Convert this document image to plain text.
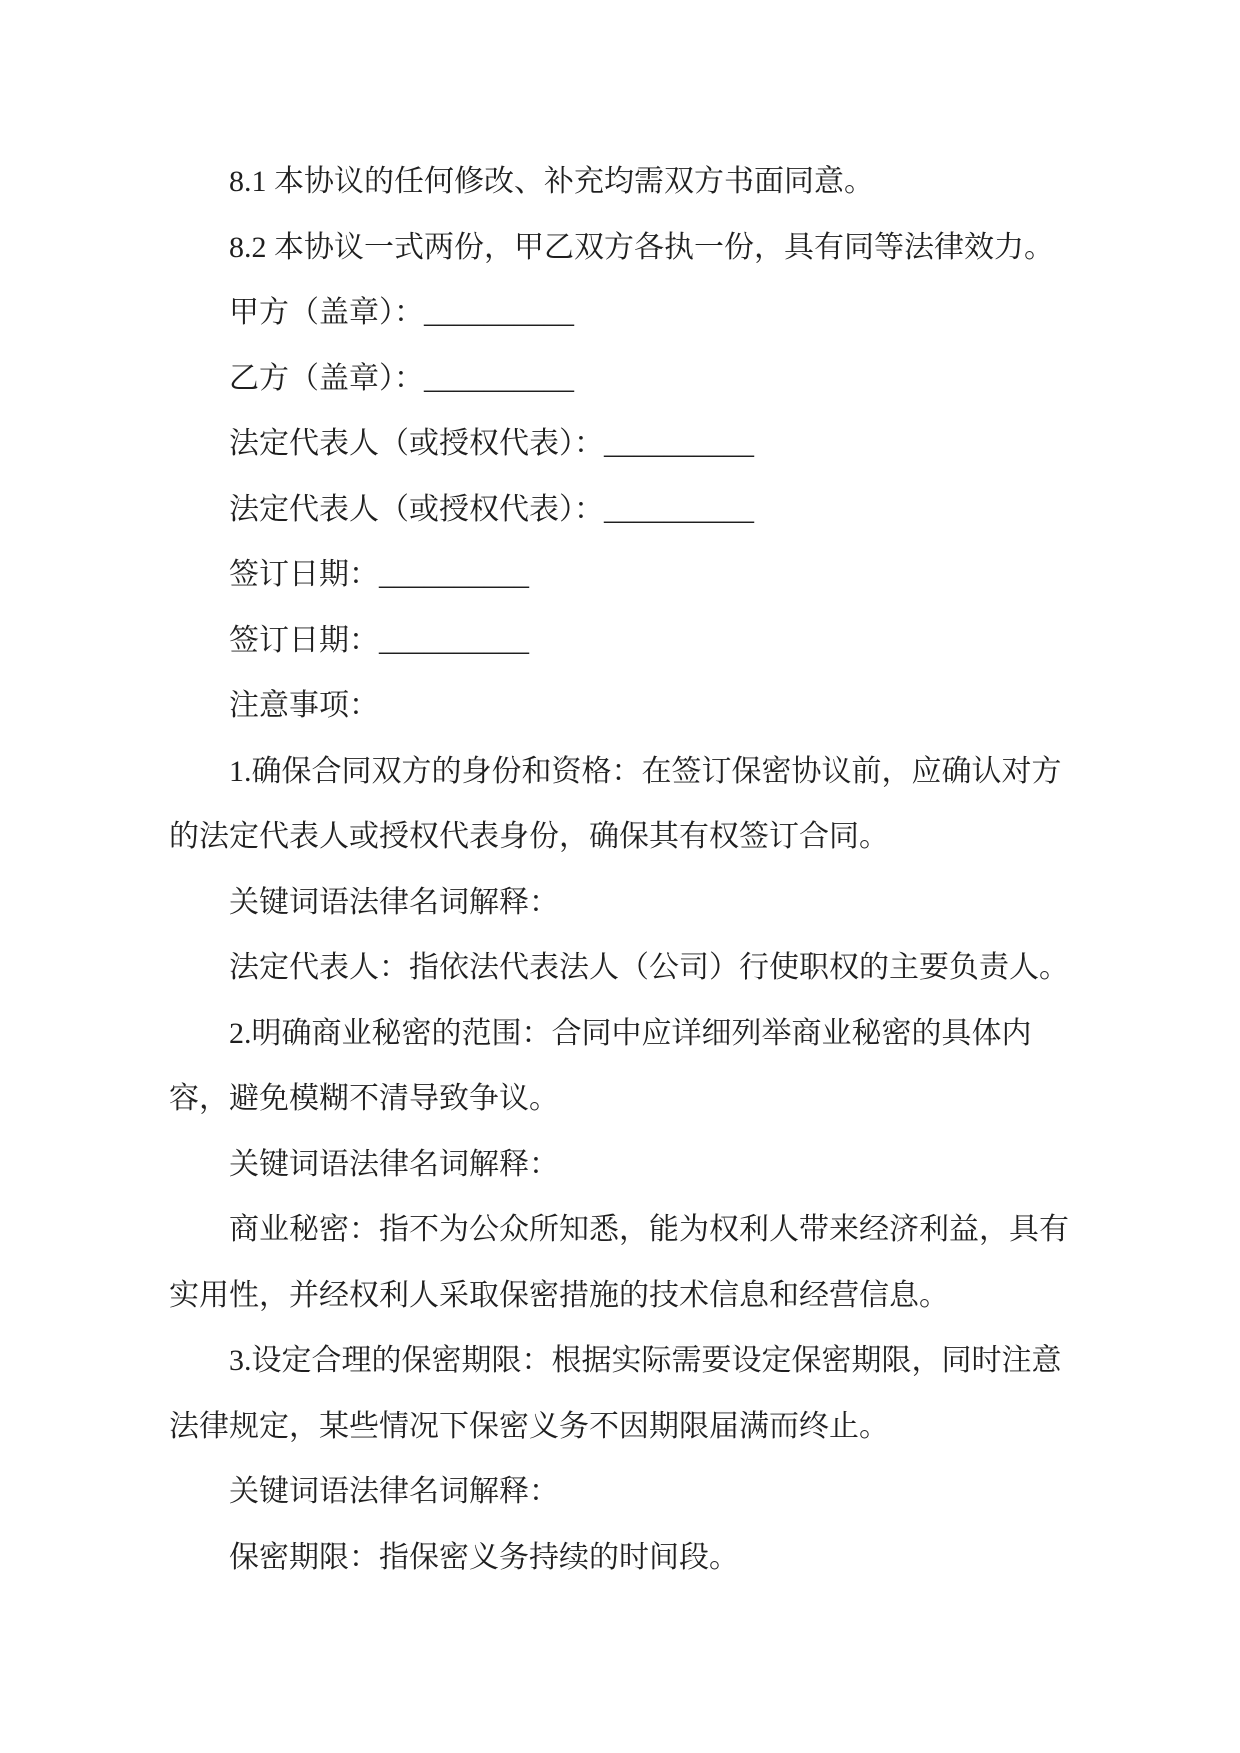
8.1 本协议的任何修改、补充均需双方书面同意。
8.2 本协议一式两份，甲乙双方各执一份，具有同等法律效力。
甲方（盖章）：__________
乙方（盖章）：__________
法定代表人（或授权代表）：__________
法定代表人（或授权代表）：__________
签订日期：__________
签订日期：__________
注意事项：
1.确保合同双方的身份和资格：在签订保密协议前，应确认对方
的法定代表人或授权代表身份，确保其有权签订合同。
关键词语法律名词解释：
法定代表人：指依法代表法人（公司）行使职权的主要负责人。
2.明确商业秘密的范围：合同中应详细列举商业秘密的具体内
容，避免模糊不清导致争议。
关键词语法律名词解释：
商业秘密：指不为公众所知悉，能为权利人带来经济利益，具有
实用性，并经权利人采取保密措施的技术信息和经营信息。
3.设定合理的保密期限：根据实际需要设定保密期限，同时注意
法律规定，某些情况下保密义务不因期限届满而终止。
关键词语法律名词解释：
保密期限：指保密义务持续的时间段。
